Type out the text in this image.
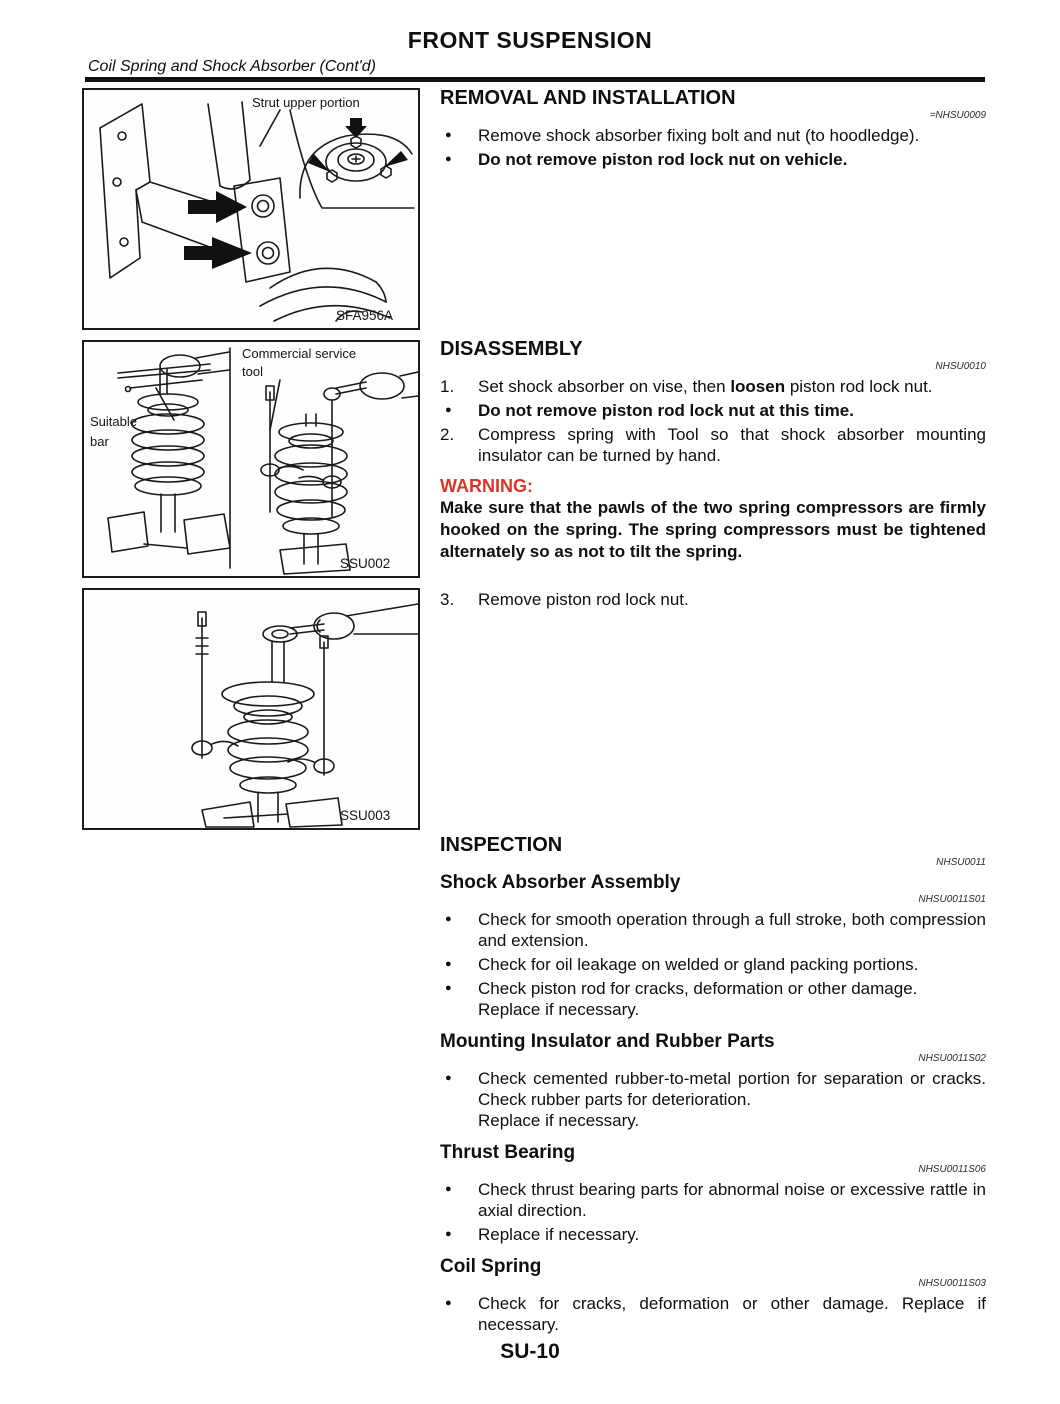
FRONT SUSPENSION
Coil Spring and Shock Absorber (Cont'd)
Strut upper portion
SFA956A
Commercial service
tool
Suitable
bar
SSU002
SSU003
REMOVAL AND INSTALLATION
=NHSU0009
●	Remove shock absorber fixing bolt and nut (to hoodledge).

●	Do not remove piston rod lock nut on vehicle.

DISASSEMBLY
NHSU0010
1.	Set shock absorber on vise, then loosen piston rod lock nut.

●	Do not remove piston rod lock nut at this time.

2.	Compress spring with Tool so that shock absorber mounting insulator can be turned by hand.

WARNING:

Make sure that the pawls of the two spring compressors are firmly hooked on the spring. The spring compressors must be tightened alternately so as not to tilt the spring.

3.	Remove piston rod lock nut.

INSPECTION
NHSU0011
Shock Absorber Assembly
NHSU0011S01
●	Check for smooth operation through a full stroke, both compression and extension.

●	Check for oil leakage on welded or gland packing portions.

●	Check piston rod for cracks, deformation or other damage.

Replace if necessary.

Mounting Insulator and Rubber Parts
NHSU0011S02
●	Check cemented rubber-to-metal portion for separation or cracks. Check rubber parts for deterioration.

Replace if necessary.

Thrust Bearing
NHSU0011S06
●	Check thrust bearing parts for abnormal noise or excessive rattle in axial direction.

●	Replace if necessary.

Coil Spring
NHSU0011S03
●	Check for cracks, deformation or other damage. Replace if necessary.

SU-10
